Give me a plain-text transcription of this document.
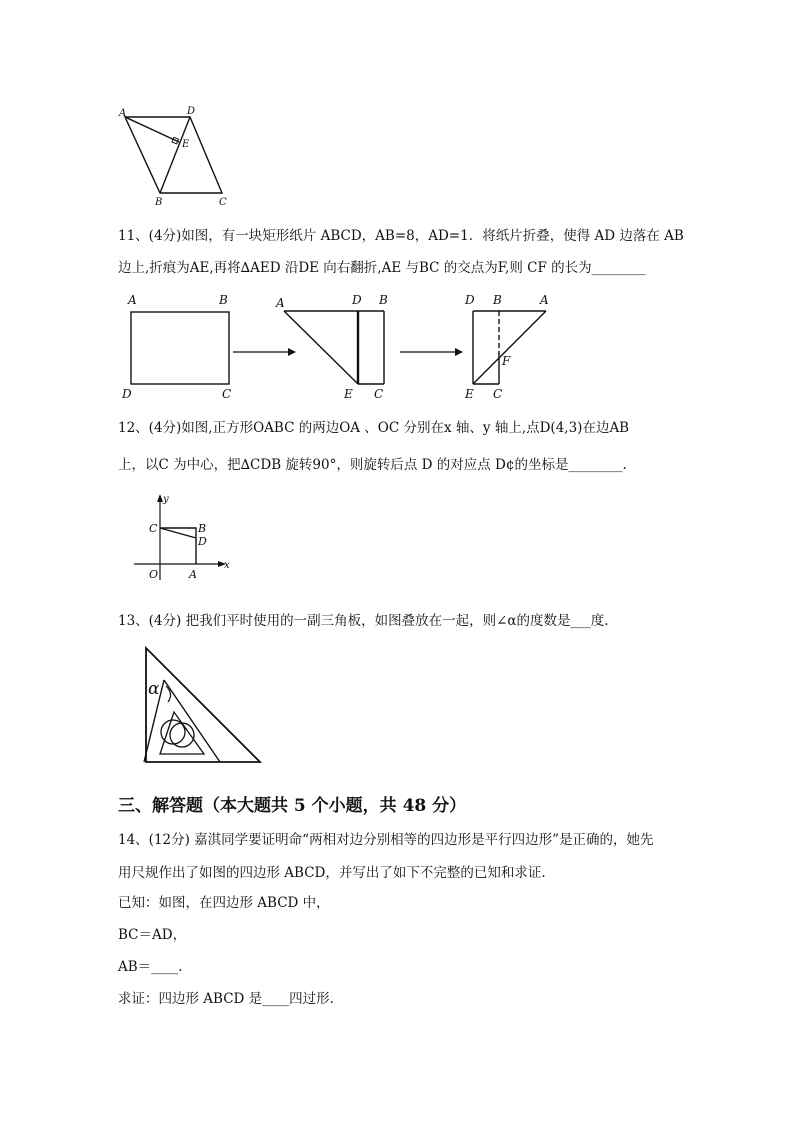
A	D
E
B	C
11、(4分)如图，有一块矩形纸片 ABCD，AB=8，AD=1．将纸片折叠，使得 AD 边落在 AB
边上,折痕为AE,再将∆AED 沿DE 向右翻折,AE 与BC 的交点为F,则 CF 的长为________
A	B
D	C
A	D B
E C
D B	A
F
E C
12、(4分)如图,正方形OABC 的两边OA 、OC 分别在x 轴、y 轴上,点D(4,3)在边AB
上，以C 为中心，把∆CDB 旋转90°，则旋转后点 D 的对应点 D¢的坐标是________.
y
x
C	B
D
O	A
13、(4分) 把我们平时使用的一副三角板，如图叠放在一起，则∠α的度数是___度.
α
三、解答题（本大题共 5 个小题，共 48 分）
14、(12分) 嘉淇同学要证明命“两相对边分别相等的四边形是平行四边形”是正确的，她先
用尺规作出了如图的四边形 ABCD，并写出了如下不完整的已知和求证.
已知：如图，在四边形 ABCD 中，
BC＝AD，
AB＝____.
求证：四边形 ABCD 是____四过形.
